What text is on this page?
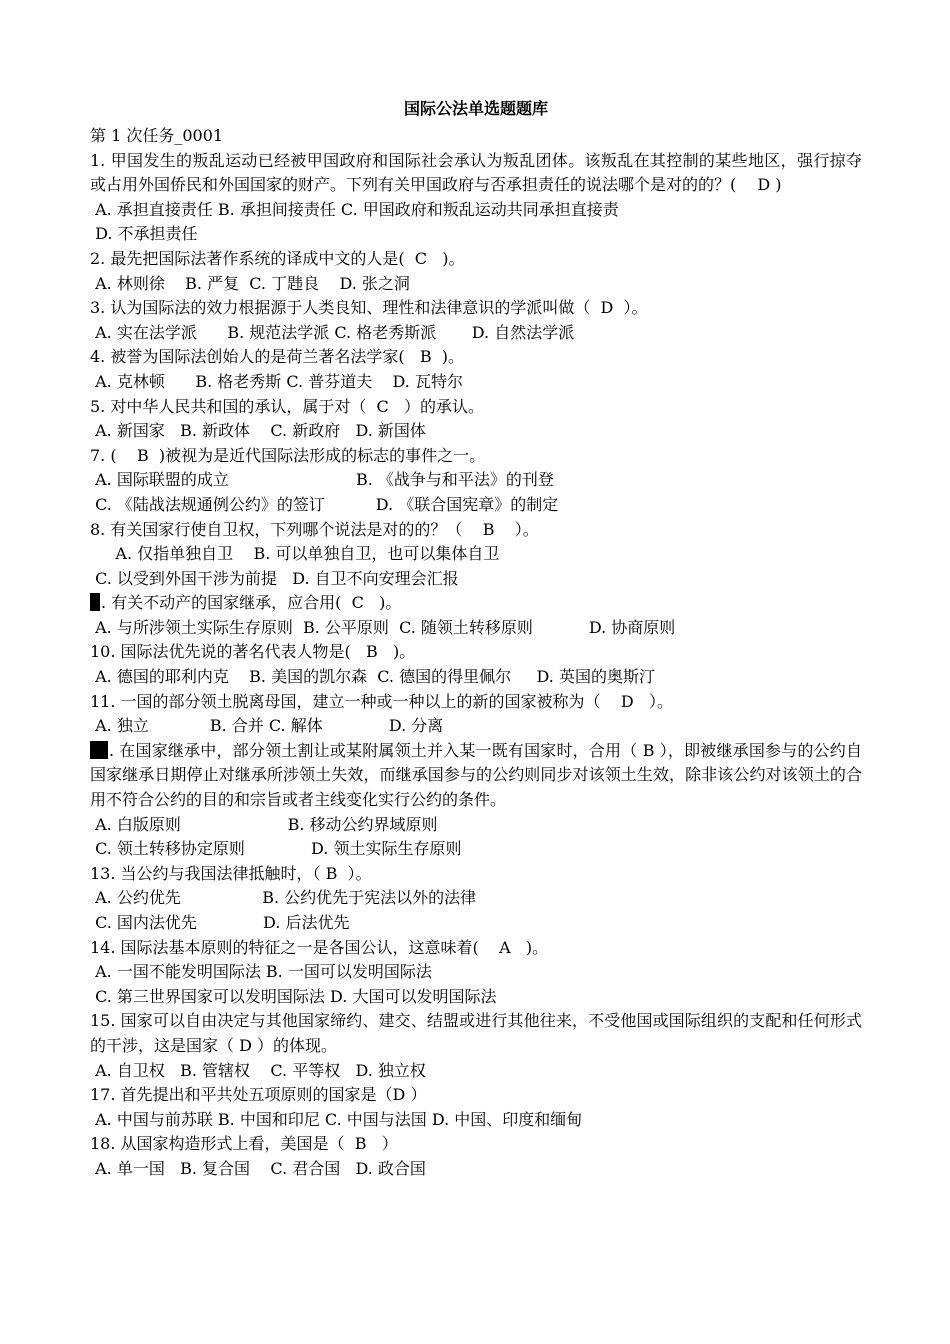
国际公法单选题题库
第 1 次任务_0001
1. 甲国发生的叛乱运动已经被甲国政府和国际社会承认为叛乱团体。该叛乱在其控制的某些地区，强行掠夺或占用外国侨民和外国国家的财产。下列有关甲国政府与否承担责任的说法哪个是对的的？(　 D )
A. 承担直接责任 B. 承担间接责任 C. 甲国政府和叛乱运动共同承担直接责
D. 不承担责任
2. 最先把国际法著作系统的译成中文的人是(  C   )。
A. 林则徐    B. 严复  C. 丁韪良    D. 张之洞
3. 认为国际法的效力根据源于人类良知、理性和法律意识的学派叫做（  D  ）。
A. 实在法学派      B. 规范法学派 C. 格老秀斯派       D. 自然法学派
4. 被誉为国际法创始人的是荷兰著名法学家(   B  )。
A. 克林顿      B. 格老秀斯 C. 普芬道夫    D. 瓦特尔
5. 对中华人民共和国的承认，属于对（  C   ）的承认。
A. 新国家   B. 新政体    C. 新政府   D. 新国体
7. (    B  )被视为是近代国际法形成的标志的事件之一。
A. 国际联盟的成立                         B. 《战争与和平法》的刊登
C. 《陆战法规通例公约》的签订          D. 《联合国宪章》的制定
8. 有关国家行使自卫权，下列哪个说法是对的的？（    B    ）。
A. 仅指单独自卫    B. 可以单独自卫，也可以集体自卫
C. 以受到外国干涉为前提   D. 自卫不向安理会汇报
. 有关不动产的国家继承，应合用(  C   )。
A. 与所涉领土实际生存原则  B. 公平原则  C. 随领土转移原则           D. 协商原则
10. 国际法优先说的著名代表人物是(   B   )。
A. 德国的耶利内克    B. 美国的凯尔森  C. 德国的得里佩尔     D. 英国的奥斯汀
11. 一国的部分领土脱离母国，建立一种或一种以上的新的国家被称为（    D   ）。
A. 独立            B. 合并 C. 解体             D. 分离
. 在国家继承中，部分领土割让或某附属领土并入某一既有国家时，合用（ B ），即被继承国参与的公约自国家继承日期停止对继承所涉领土失效，而继承国参与的公约则同步对该领土生效，除非该公约对该领土的合用不符合公约的目的和宗旨或者主线变化实行公约的条件。
A. 白版原则                     B. 移动公约界域原则
C. 领土转移协定原则             D. 领土实际生存原则
13. 当公约与我国法律抵触时，（ B  ）。
A. 公约优先                B. 公约优先于宪法以外的法律
C. 国内法优先             D. 后法优先
14. 国际法基本原则的特征之一是各国公认，这意味着(    A   )。
A. 一国不能发明国际法 B. 一国可以发明国际法
C. 第三世界国家可以发明国际法 D. 大国可以发明国际法
15. 国家可以自由决定与其他国家缔约、建交、结盟或进行其他往来，不受他国或国际组织的支配和任何形式的干涉，这是国家（ D ）的体现。
A. 自卫权   B. 管辖权    C. 平等权   D. 独立权
17. 首先提出和平共处五项原则的国家是（D ）
A. 中国与前苏联 B. 中国和印尼 C. 中国与法国 D. 中国、印度和缅甸
18. 从国家构造形式上看，美国是（  B   ）
A. 单一国   B. 复合国    C. 君合国   D. 政合国
